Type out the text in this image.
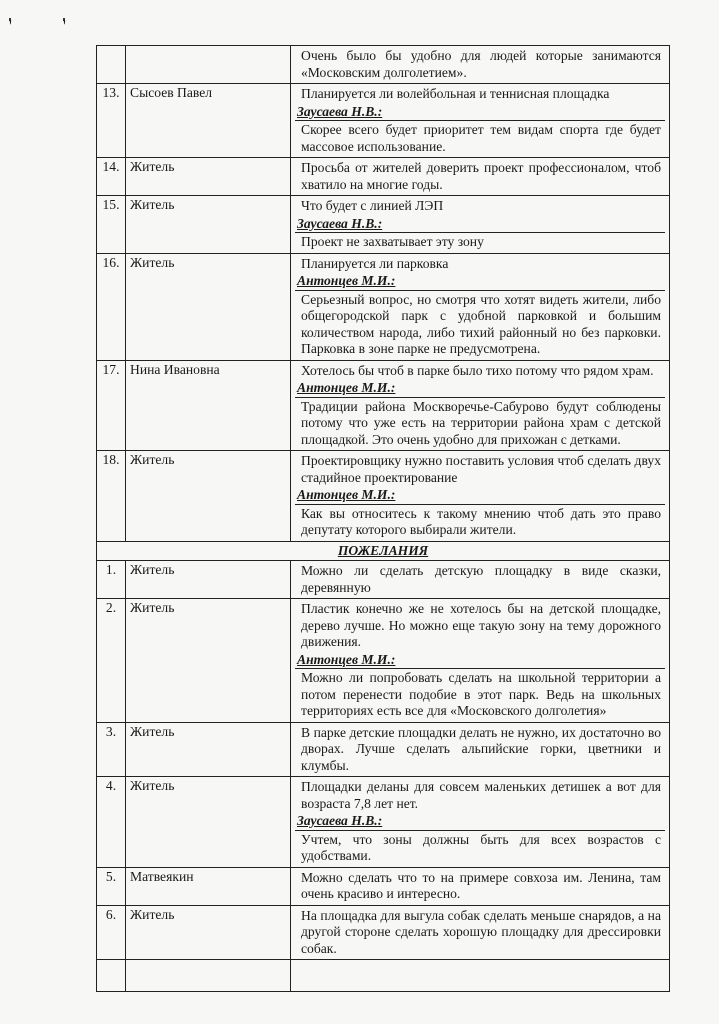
'	'

		Очень было бы удобно для людей которые занимаются «Московским долголетием».

13.	Сысоев Павел	Планируется ли волейбольная и теннисная площадка
Заусаева Н.В.:
Скорее всего будет приоритет тем видам спорта где будет массовое использование.

14.	Житель	Просьба от жителей доверить проект профессионалом, чтоб хватило на многие годы.

15.	Житель	Что будет с линией ЛЭП
Заусаева Н.В.:
Проект не захватывает эту зону

16.	Житель	Планируется ли парковка
Антонцев М.И.:
Серьезный вопрос, но смотря что хотят видеть жители, либо общегородской парк с удобной парковкой и большим количеством народа, либо тихий районный но без парковки. Парковка в зоне парке не предусмотрена.

17.	Нина Ивановна	Хотелось бы чтоб в парке было тихо потому что рядом храм.
Антонцев М.И.:
Традиции района Москворечье-Сабурово будут соблюдены потому что уже есть на территории района храм с детской площадкой. Это очень удобно для прихожан с детками.

18.	Житель	Проектировщику нужно поставить условия чтоб сделать двух стадийное проектирование
Антонцев М.И.:
Как вы относитесь к такому мнению чтоб дать это право депутату которого выбирали жители.

ПОЖЕЛАНИЯ		
1.	Житель	Можно ли сделать детскую площадку в виде сказки, деревянную

2.	Житель	Пластик конечно же не хотелось бы на детской площадке, дерево лучше. Но можно еще такую зону на тему дорожного движения.
Антонцев М.И.:
Можно ли попробовать сделать на школьной территории а потом перенести подобие в этот парк. Ведь на школьных территориях есть все для «Московского долголетия»

3.	Житель	В парке детские площадки делать не нужно, их достаточно во дворах. Лучше сделать альпийские горки, цветники и клумбы.

4.	Житель	Площадки деланы для совсем маленьких детишек а вот для возраста 7,8 лет нет.
Заусаева Н.В.:
Учтем, что зоны должны быть для всех возрастов с удобствами.

5.	Матвеякин	Можно сделать что то на примере совхоза им. Ленина, там очень красиво и интересно.

6.	Житель	На площадка для выгула собак сделать меньше снарядов, а на другой стороне сделать хорошую площадку для дрессировки собак.
